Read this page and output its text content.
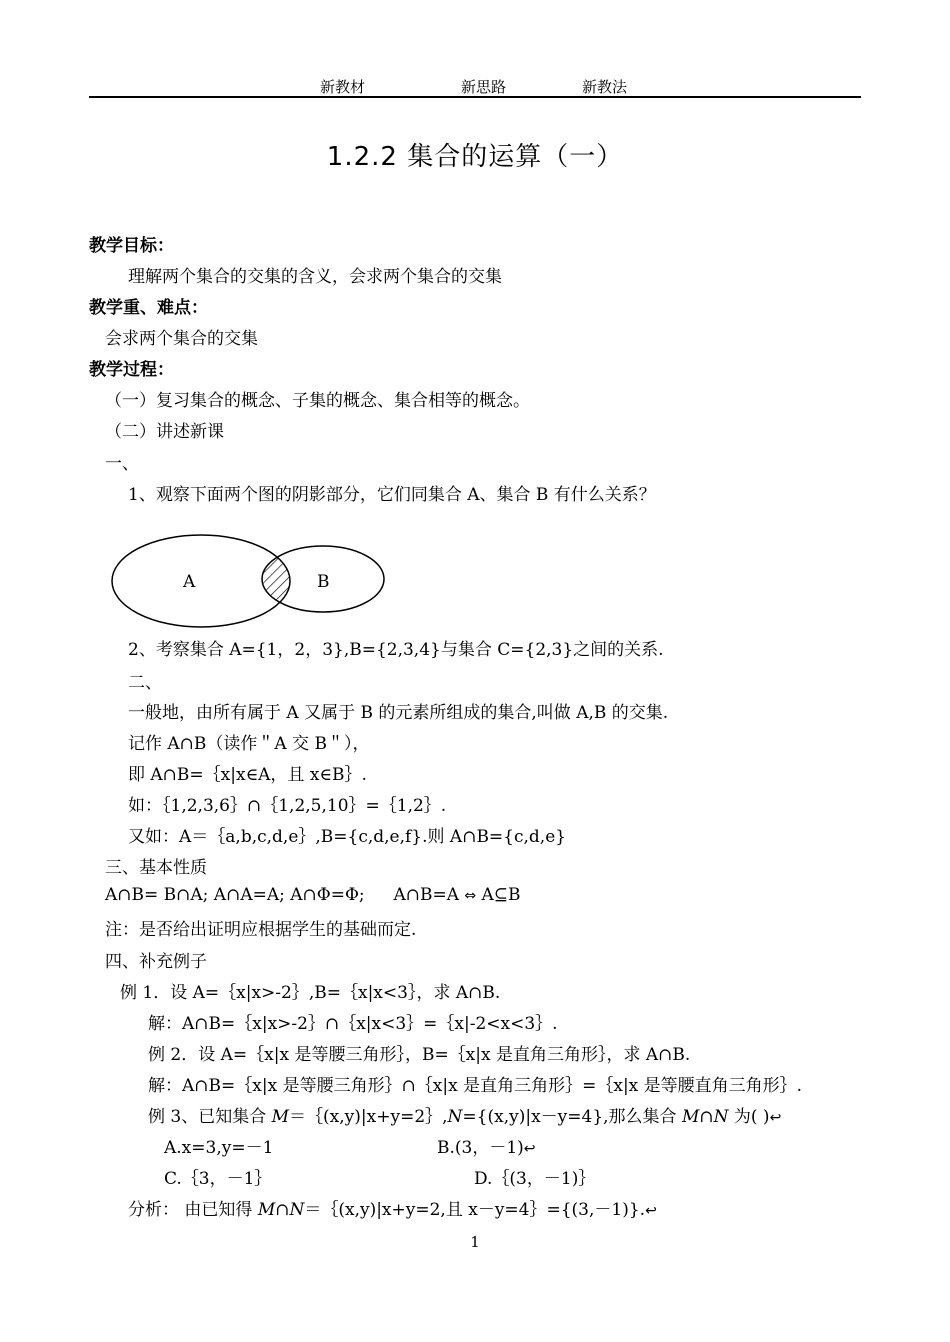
新教材	新思路	新教法
1.2.2 集合的运算（一）
教学目标：
理解两个集合的交集的含义，会求两个集合的交集
教学重、难点：
会求两个集合的交集
教学过程：
（一）复习集合的概念、子集的概念、集合相等的概念。
（二）讲述新课
一、
1、观察下面两个图的阴影部分，它们同集合 A、集合 B 有什么关系？
A	B
2、考察集合 A={1，2，3},B={2,3,4}与集合 C={2,3}之间的关系.
二、
一般地，由所有属于 A 又属于 B 的元素所组成的集合,叫做 A,B 的交集.
记作 A∩B（读作＂A 交 B＂），
即 A∩B=｛x|x∈A，且 x∈B｝.
如：｛1,2,3,6｝∩｛1,2,5,10｝=｛1,2｝.
又如：A＝｛a,b,c,d,e｝,B={c,d,e,f}.则 A∩B={c,d,e}
三、基本性质
A∩B= B∩A; A∩A=A; A∩Φ=Φ; A∩B=A ⇔ A⊆B
注：是否给出证明应根据学生的基础而定.
四、补充例子
例 1．设 A=｛x|x>-2｝,B=｛x|x<3｝，求 A∩B.
解：A∩B=｛x|x>-2｝∩｛x|x<3｝=｛x|-2<x<3｝.
例 2．设 A=｛x|x 是等腰三角形｝，B=｛x|x 是直角三角形｝，求 A∩B.
解：A∩B=｛x|x 是等腰三角形｝∩｛x|x 是直角三角形｝=｛x|x 是等腰直角三角形｝.
例 3、已知集合 M＝｛(x,y)|x+y=2｝,N={(x,y)|x－y=4},那么集合 M∩N 为( )↩
A.x=3,y=－1	B.(3，－1)↩
C.｛3，－1｝	D.｛(3，－1)｝
分析： 由已知得 M∩N＝｛(x,y)|x+y=2,且 x－y=4｝={(3,－1)}.↩
1
